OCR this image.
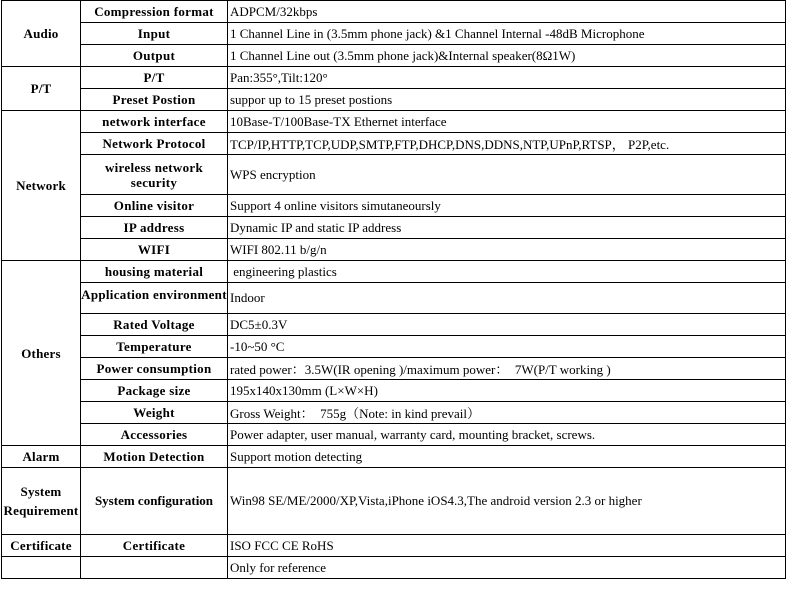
Audio	Compression format	ADPCM/32kbps
	Input	1 Channel Line in (3.5mm phone jack) &1 Channel Internal -48dB Microphone
	Output	1 Channel Line out (3.5mm phone jack)&Internal speaker(8Ω1W)
P/T	P/T	Pan:355°,Tilt:120°
	Preset Postion	suppor up to 15 preset postions
Network	network interface	10Base-T/100Base-TX Ethernet interface
	Network Protocol	TCP/IP,HTTP,TCP,UDP,SMTP,FTP,DHCP,DNS,DDNS,NTP,UPnP,RTSP， P2P,etc.
	wireless network security	WPS encryption
	Online visitor	Support 4 online visitors simutaneoursly
	IP address	Dynamic IP and static IP address
	WIFI	WIFI 802.11 b/g/n
Others	housing material	engineering plastics

	Application environment	Indoor
	Rated Voltage	DC5±0.3V
	Temperature	-10~50 °C
	Power consumption	rated power：3.5W(IR opening )/maximum power：  7W(P/T working )
	Package size	195x140x130mm (L×W×H)
	Weight	Gross Weight：  755g（Note: in kind prevail）
	Accessories	Power adapter, user manual, warranty card, mounting bracket, screws.
Alarm	Motion Detection	Support motion detecting
System Requirement	System configuration	Win98 SE/ME/2000/XP,Vista,iPhone iOS4.3,The android version 2.3 or higher
Certificate	Certificate	ISO FCC CE RoHS
		Only for reference
